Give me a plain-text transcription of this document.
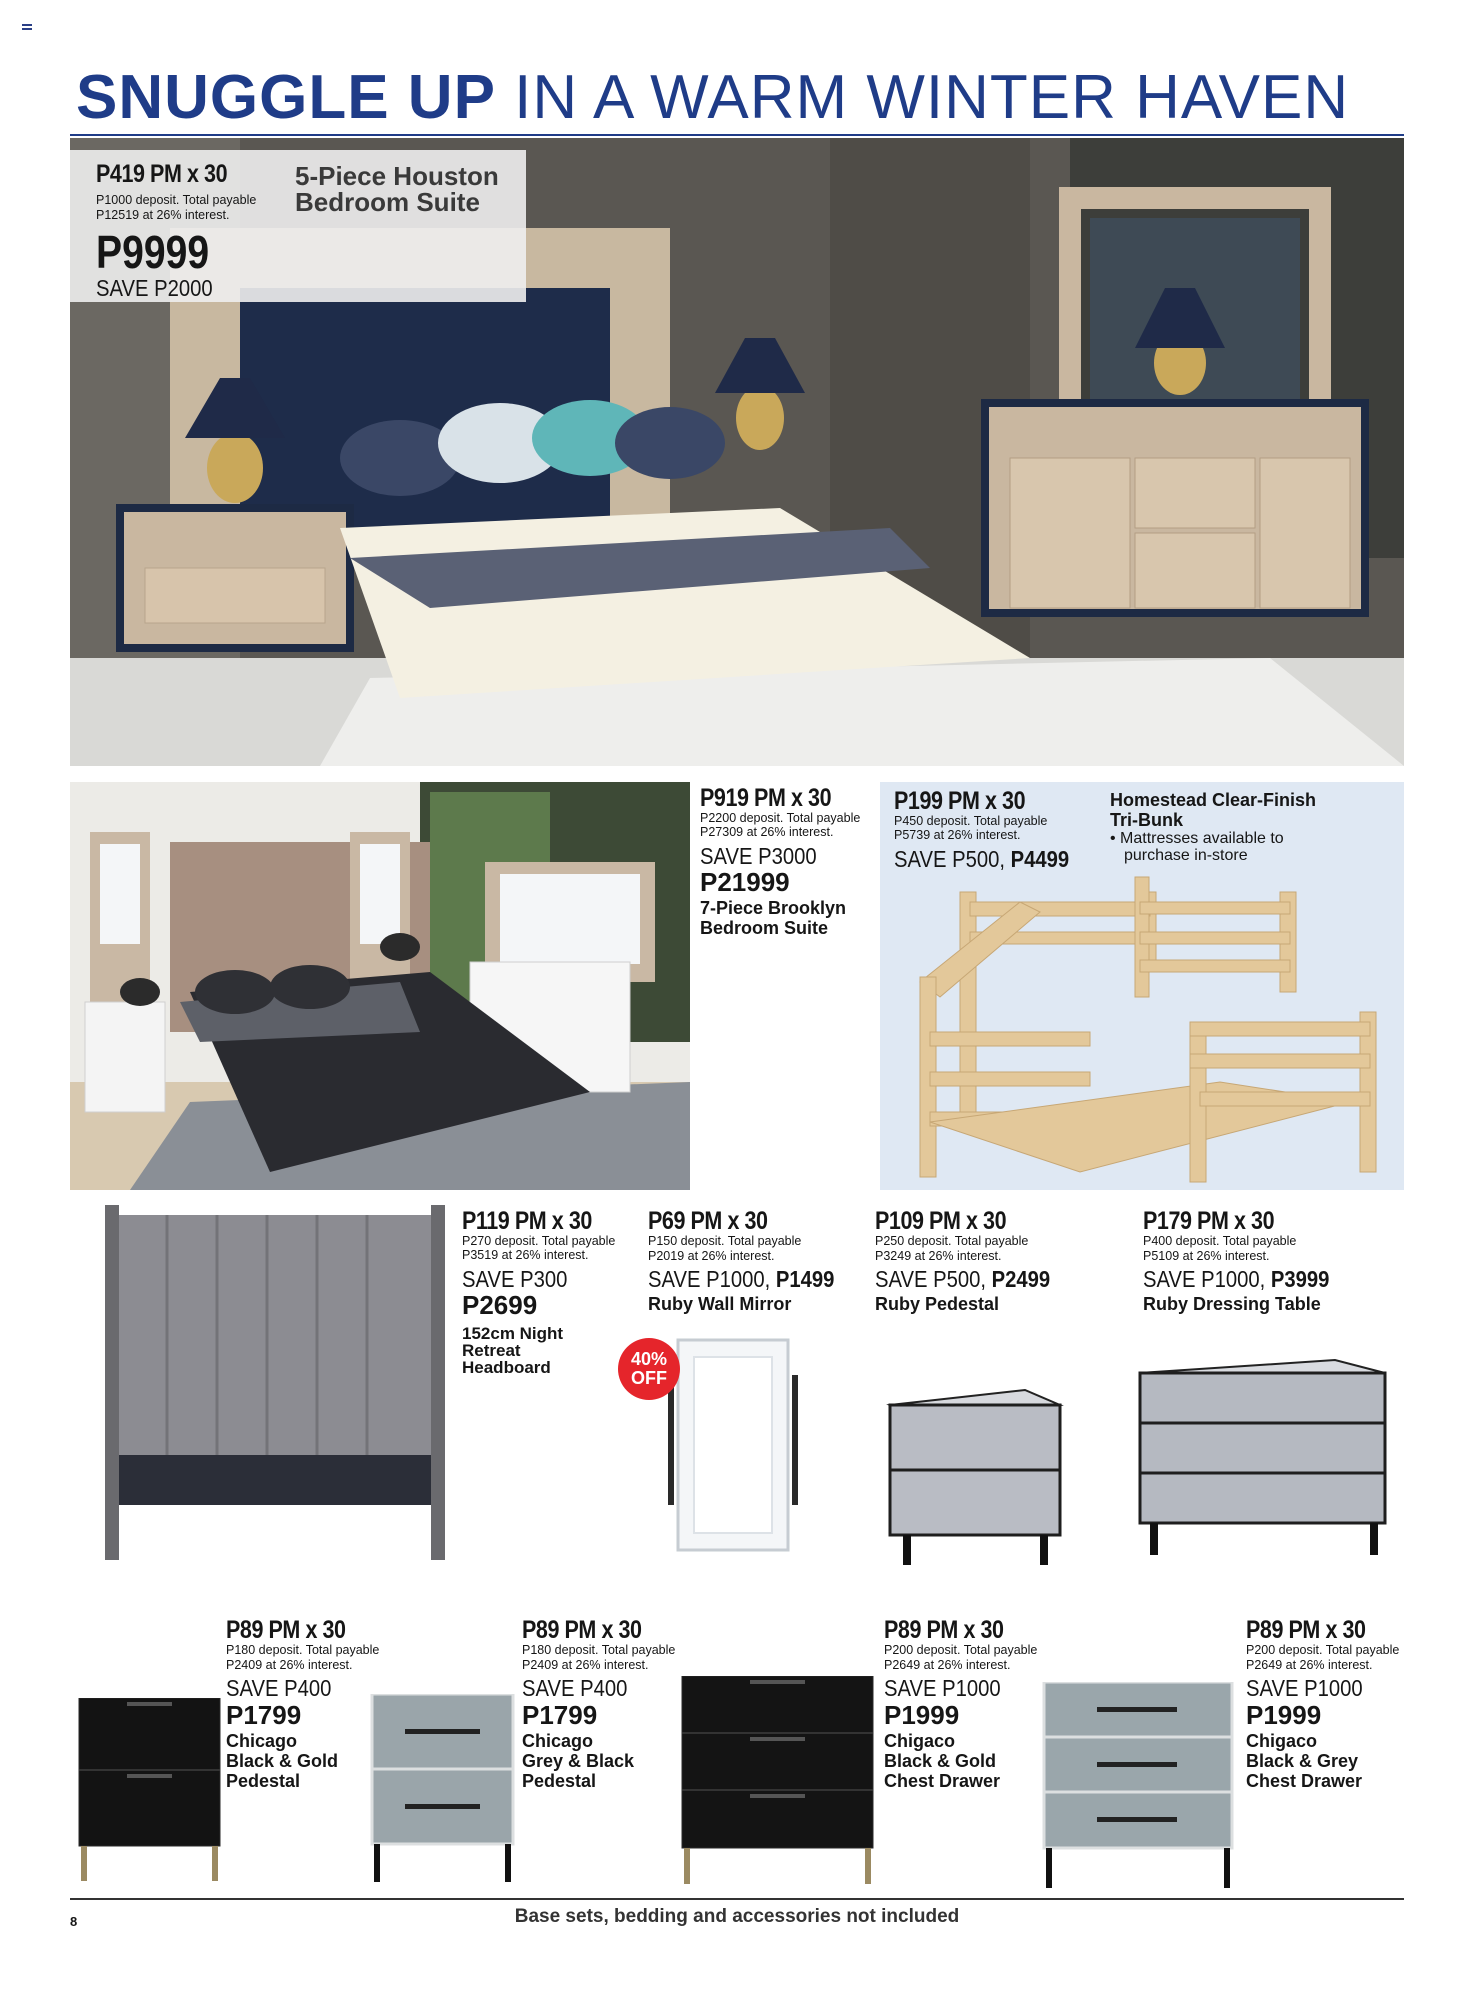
SNUGGLE UP IN A WARM WINTER HAVEN
P419 PM x 30
P1000 deposit. Total payable
P12519 at 26% interest.
P9999
SAVE P2000
5-Piece Houston
Bedroom Suite
P919 PM x 30
P2200 deposit. Total payable
P27309 at 26% interest.
SAVE P3000
P21999
7-Piece Brooklyn
Bedroom Suite
P199 PM x 30
P450 deposit. Total payable
P5739 at 26% interest.
SAVE P500, P4499
Homestead Clear-Finish
Tri-Bunk
• Mattresses available to
purchase in-store
P119 PM x 30
P270 deposit. Total payable
P3519 at 26% interest.
SAVE P300
P2699
152cm Night
Retreat
Headboard
P69 PM x 30
P150 deposit. Total payable
P2019 at 26% interest.
SAVE P1000, P1499
Ruby Wall Mirror
40%
OFF
P109 PM x 30
P250 deposit. Total payable
P3249 at 26% interest.
SAVE P500, P2499
Ruby Pedestal
P179 PM x 30
P400 deposit. Total payable
P5109 at 26% interest.
SAVE P1000, P3999
Ruby Dressing Table
P89 PM x 30
P180 deposit. Total payable
P2409 at 26% interest.
SAVE P400
P1799
Chicago
Black & Gold
Pedestal
P89 PM x 30
P180 deposit. Total payable
P2409 at 26% interest.
SAVE P400
P1799
Chicago
Grey & Black
Pedestal
P89 PM x 30
P200 deposit. Total payable
P2649 at 26% interest.
SAVE P1000
P1999
Chigaco
Black & Gold
Chest Drawer
P89 PM x 30
P200 deposit. Total payable
P2649 at 26% interest.
SAVE P1000
P1999
Chigaco
Black & Grey
Chest Drawer
8	Base sets, bedding and accessories not included
